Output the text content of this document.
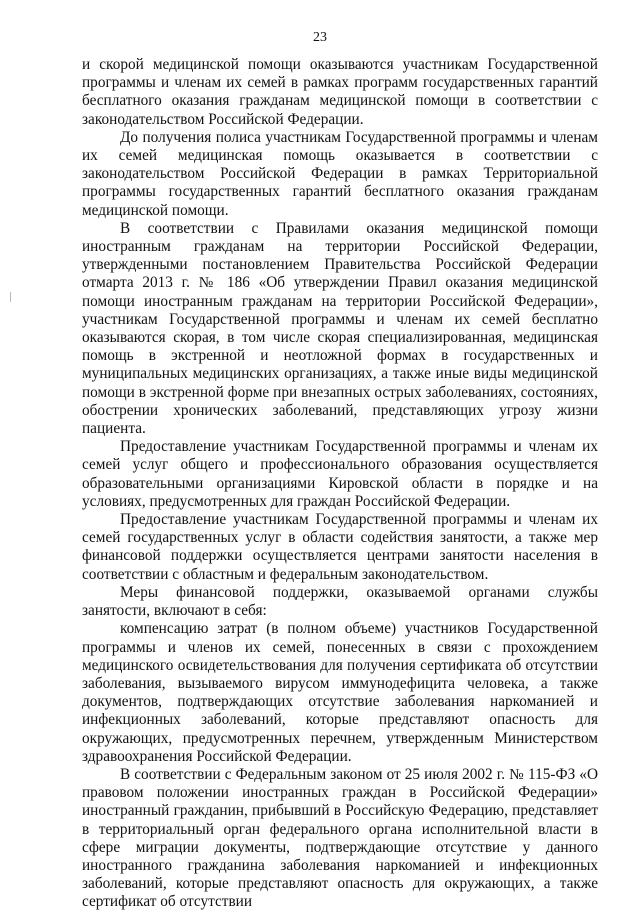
23

и скорой медицинской помощи оказываются участникам Государственной программы и членам их семей в рамках программ государственных гарантий бесплатного оказания гражданам медицинской помощи в соответствии с законодательством Российской Федерации.

До получения полиса участникам Государственной программы и членам их семей медицинская помощь оказывается в соответствии с законодательством Российской Федерации в рамках Территориальной программы государственных гарантий бесплатного оказания гражданам медицинской помощи.

В соответствии с Правилами оказания медицинской помощи иностранным гражданам на территории Российской Федерации, утвержденными постановлением Правительства Российской Федерации отмарта 2013 г. № 186 «Об утверждении Правил оказания медицинской помощи иностранным гражданам на территории Российской Федерации», участникам Государственной программы и членам их семей бесплатно оказываются скорая, в том числе скорая специализированная, медицинская помощь в экстренной и неотложной формах в государственных и муниципальных медицинских организациях, а также иные виды медицинской помощи в экстренной форме при внезапных острых заболеваниях, состояниях, обострении хронических заболеваний, представляющих угрозу жизни пациента.

Предоставление участникам Государственной программы и членам их семей услуг общего и профессионального образования осуществляется образовательными организациями Кировской области в порядке и на условиях, предусмотренных для граждан Российской Федерации.

Предоставление участникам Государственной программы и членам их семей государственных услуг в области содействия занятости, а также мер финансовой поддержки осуществляется центрами занятости населения в соответствии с областным и федеральным законодательством.

Меры финансовой поддержки, оказываемой органами службы занятости, включают в себя:

компенсацию затрат (в полном объеме) участников Государственной программы и членов их семей, понесенных в связи с прохождением медицинского освидетельствования для получения сертификата об отсутствии заболевания, вызываемого вирусом иммунодефицита человека, а также документов, подтверждающих отсутствие заболевания наркоманией и инфекционных заболеваний, которые представляют опасность для окружающих, предусмотренных перечнем, утвержденным Министерством здравоохранения Российской Федерации.

В соответствии с Федеральным законом от 25 июля 2002 г. № 115-ФЗ «О правовом положении иностранных граждан в Российской Федерации» иностранный гражданин, прибывший в Российскую Федерацию, представляет в территориальный орган федерального органа исполнительной власти в сфере миграции документы, подтверждающие отсутствие у данного иностранного гражданина заболевания наркоманией и инфекционных заболеваний, которые представляют опасность для окружающих, а также сертификат об отсутствии
